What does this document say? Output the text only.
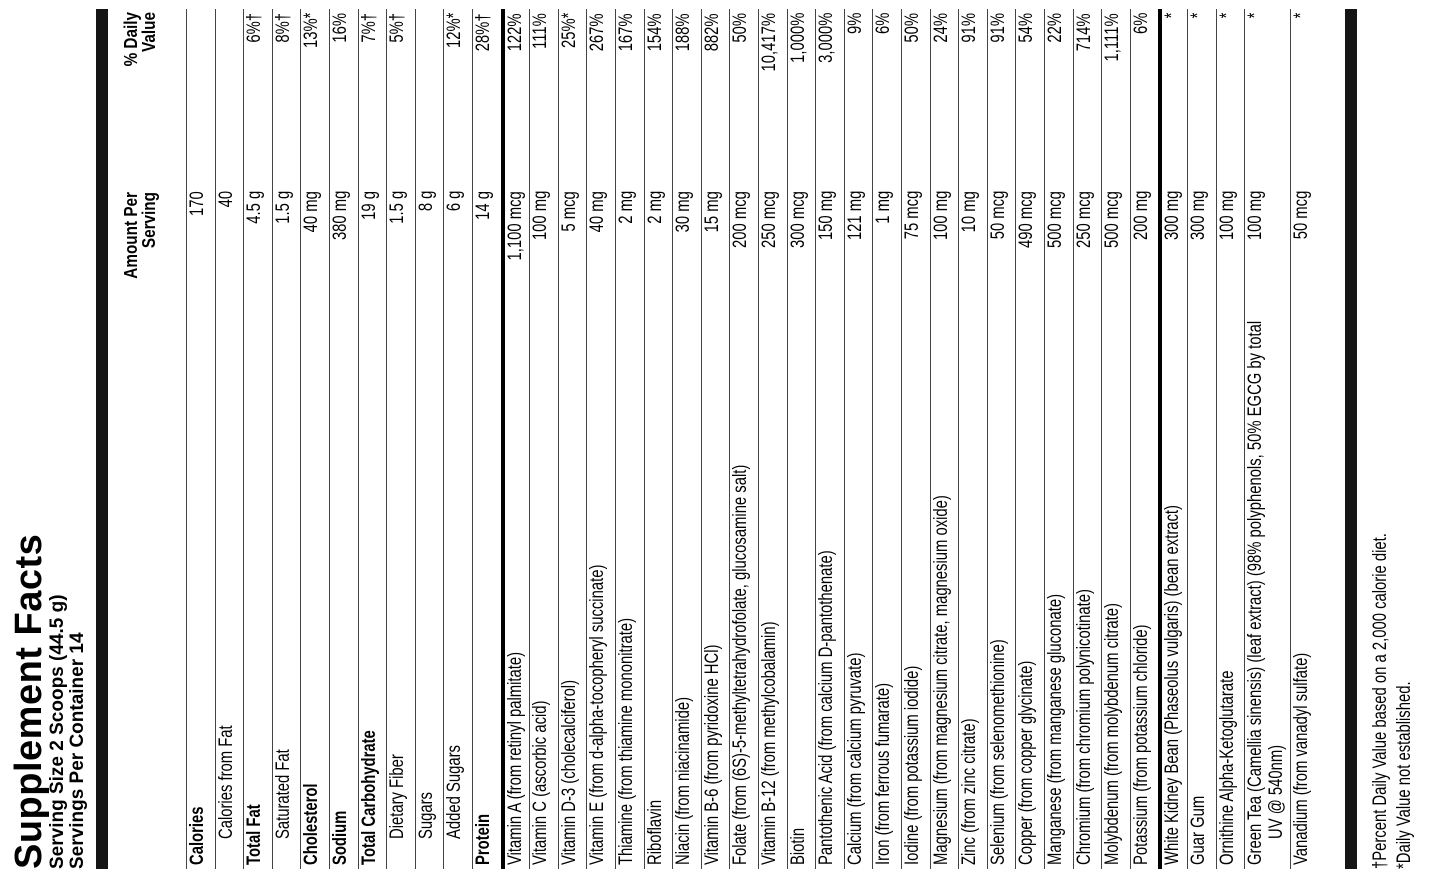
Supplement Facts
Serving Size 2 Scoops (44.5 g) Servings Per Container 14
Amount Per
Serving
% Daily
Value
Calories
170
Calories from Fat
40
Total Fat
4.5 g
6%†
Saturated Fat
1.5 g
8%†
Cholesterol
40 mg
13%*
Sodium
380 mg
16%
Total Carbohydrate
19 g
7%†
Dietary Fiber
1.5 g
5%†
Sugars
8 g
Added Sugars
6 g
12%*
Protein
14 g
28%†
Vitamin A (from retinyl palmitate)
1,100 mcg
122%
Vitamin C (ascorbic acid)
100 mg
111%
Vitamin D-3 (cholecalciferol)
5 mcg
25%*
Vitamin E (from d-alpha-tocopheryl succinate)
40 mg
267%
Thiamine (from thiamine mononitrate)
2 mg
167%
Riboflavin
2 mg
154%
Niacin (from niacinamide)
30 mg
188%
Vitamin B-6 (from pyridoxine HCl)
15 mg
882%
Folate (from (6S)-5-methyltetrahydrofolate, glucosamine salt)
200 mcg
50%
Vitamin B-12 (from methylcobalamin)
250 mcg
10,417%
Biotin
300 mcg
1,000%
Pantothenic Acid (from calcium D-pantothenate)
150 mg
3,000%
Calcium (from calcium pyruvate)
121 mg
9%
Iron (from ferrous fumarate)
1 mg
6%
Iodine (from potassium iodide)
75 mcg
50%
Magnesium (from magnesium citrate, magnesium oxide)
100 mg
24%
Zinc (from zinc citrate)
10 mg
91%
Selenium (from selenomethionine)
50 mcg
91%
Copper (from copper glycinate)
490 mcg
54%
Manganese (from manganese gluconate)
500 mcg
22%
Chromium (from chromium polynicotinate)
250 mcg
714%
Molybdenum (from molybdenum citrate)
500 mcg
1,111%
Potassium (from potassium chloride)
200 mg
6%
White Kidney Bean (Phaseolus vulgaris) (bean extract)
300 mg
*
Guar Gum
300 mg
*
Ornithine Alpha-Ketoglutarate
100 mg
*
Green Tea (Camellia sinensis) (leaf extract) (98% polyphenols, 50% EGCG by total UV @ 540nm)
100 mg
*
Vanadium (from vanadyl sulfate)
50 mcg
*
†Percent Daily Value based on a 2,000 calorie diet. *Daily Value not established.
